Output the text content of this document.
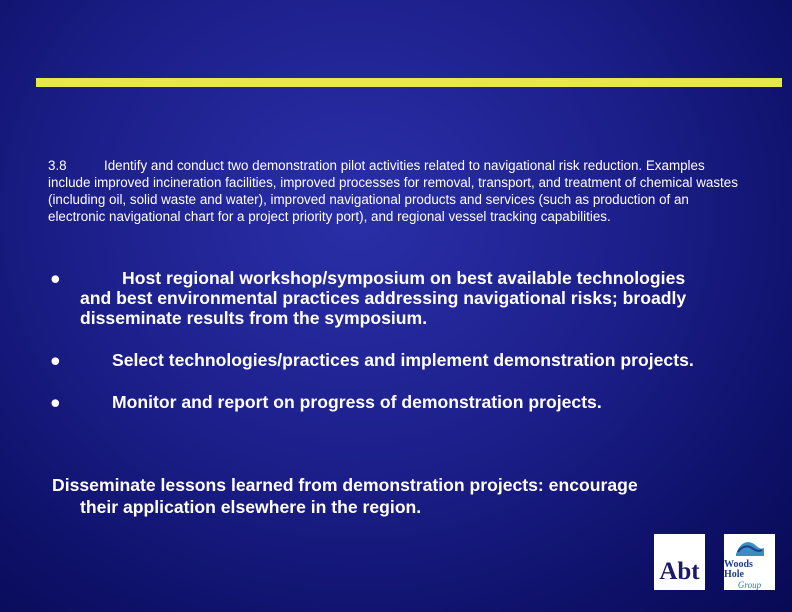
3.8	Identify and conduct two demonstration pilot activities related to navigational risk reduction. Examples include improved incineration facilities, improved processes for removal, transport, and treatment of chemical wastes (including oil, solid waste and water), improved navigational products and services (such as production of an electronic navigational chart for a project priority port), and regional vessel tracking capabilities.
●	Host regional workshop/symposium on best available technologies and best environmental practices addressing navigational risks; broadly disseminate results from the symposium.
●	Select technologies/practices and implement demonstration projects.
●	Monitor and report on progress of demonstration projects.
Disseminate lessons learned from demonstration projects: encourage
their application elsewhere in the region.
Abt Woods Hole
Group
